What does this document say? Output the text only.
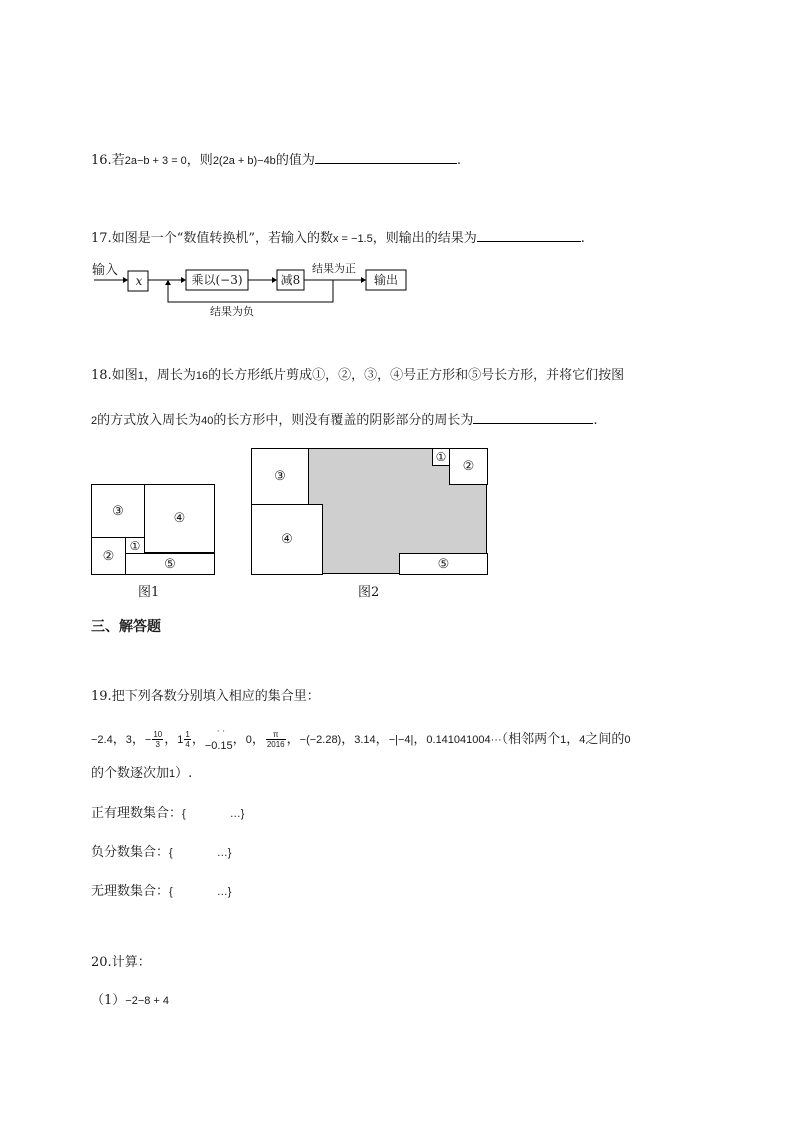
16.若2a−b + 3 = 0，则2(2a + b)−4b的值为	.
17.如图是一个“数值转换机”，若输入的数x = −1.5，则输出的结果为	.
输入
x	乘以(−3)	减8
结果为正
输出
结果为负
18.如图1，周长为16的长方形纸片剪成①，②，③，④号正方形和⑤号长方形，并将它们按图
2的方式放入周长为40的长方形中，则没有覆盖的阴影部分的周长为	.
③	④
②
①
⑤
图1
③
④
①
②
⑤
图2
三、解答题
19.把下列各数分别填入相应的集合里：
−2.4，3，− $\frac{10}{3}$ ，$1 \frac{1}{4}$ ，
··
$_{-0.15}$，0， $\frac{\pi}{2016}$ ，−(−2.28)，3.14，−|−4|，0.141041004···（相邻两个1，4之间的0
的个数逐次加1）.
正有理数集合：{	…}
负分数集合：{	…}
无理数集合：{	…}
20.计算：
（1）−2−8 + 4
